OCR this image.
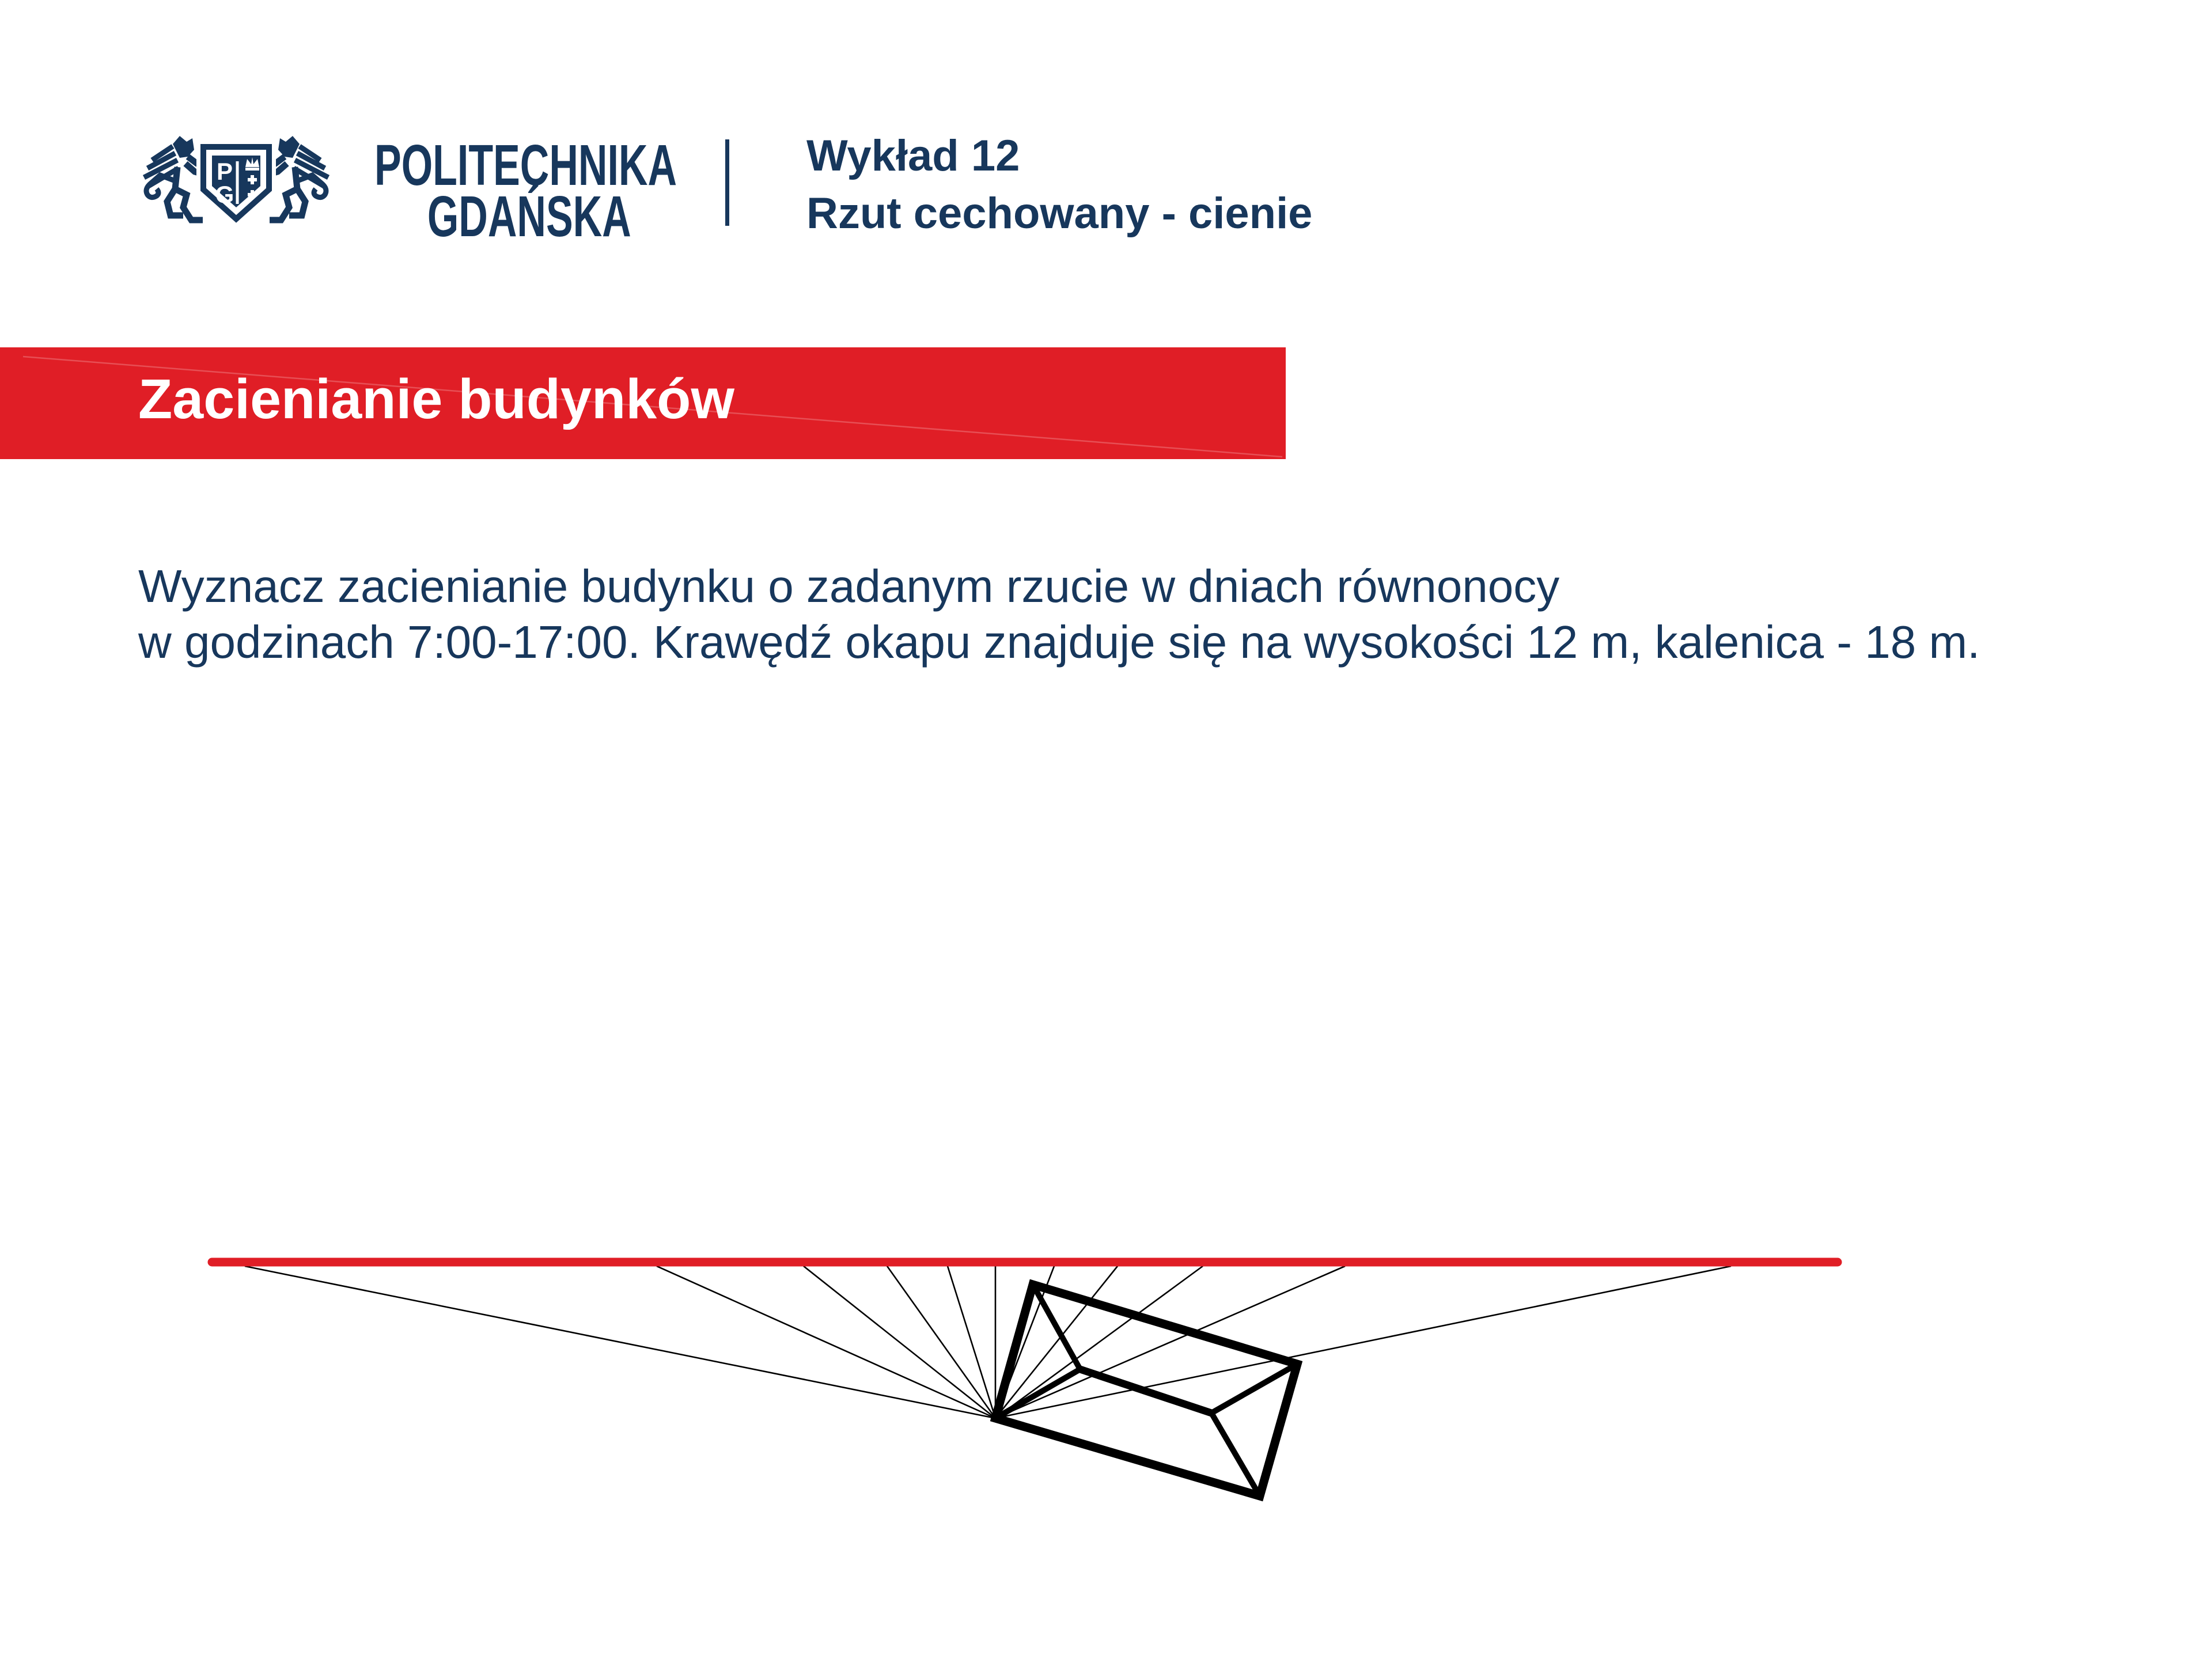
P
G POLITECHNIKA
GDAŃSKA
Wykład 12
Rzut cechowany - cienie
Zacienianie budynków

Wyznacz zacienianie budynku o zadanym rzucie w dniach równonocy
w godzinach 7:00-17:00. Krawędź okapu znajduje się na wysokości 12 m, kalenica - 18 m.
